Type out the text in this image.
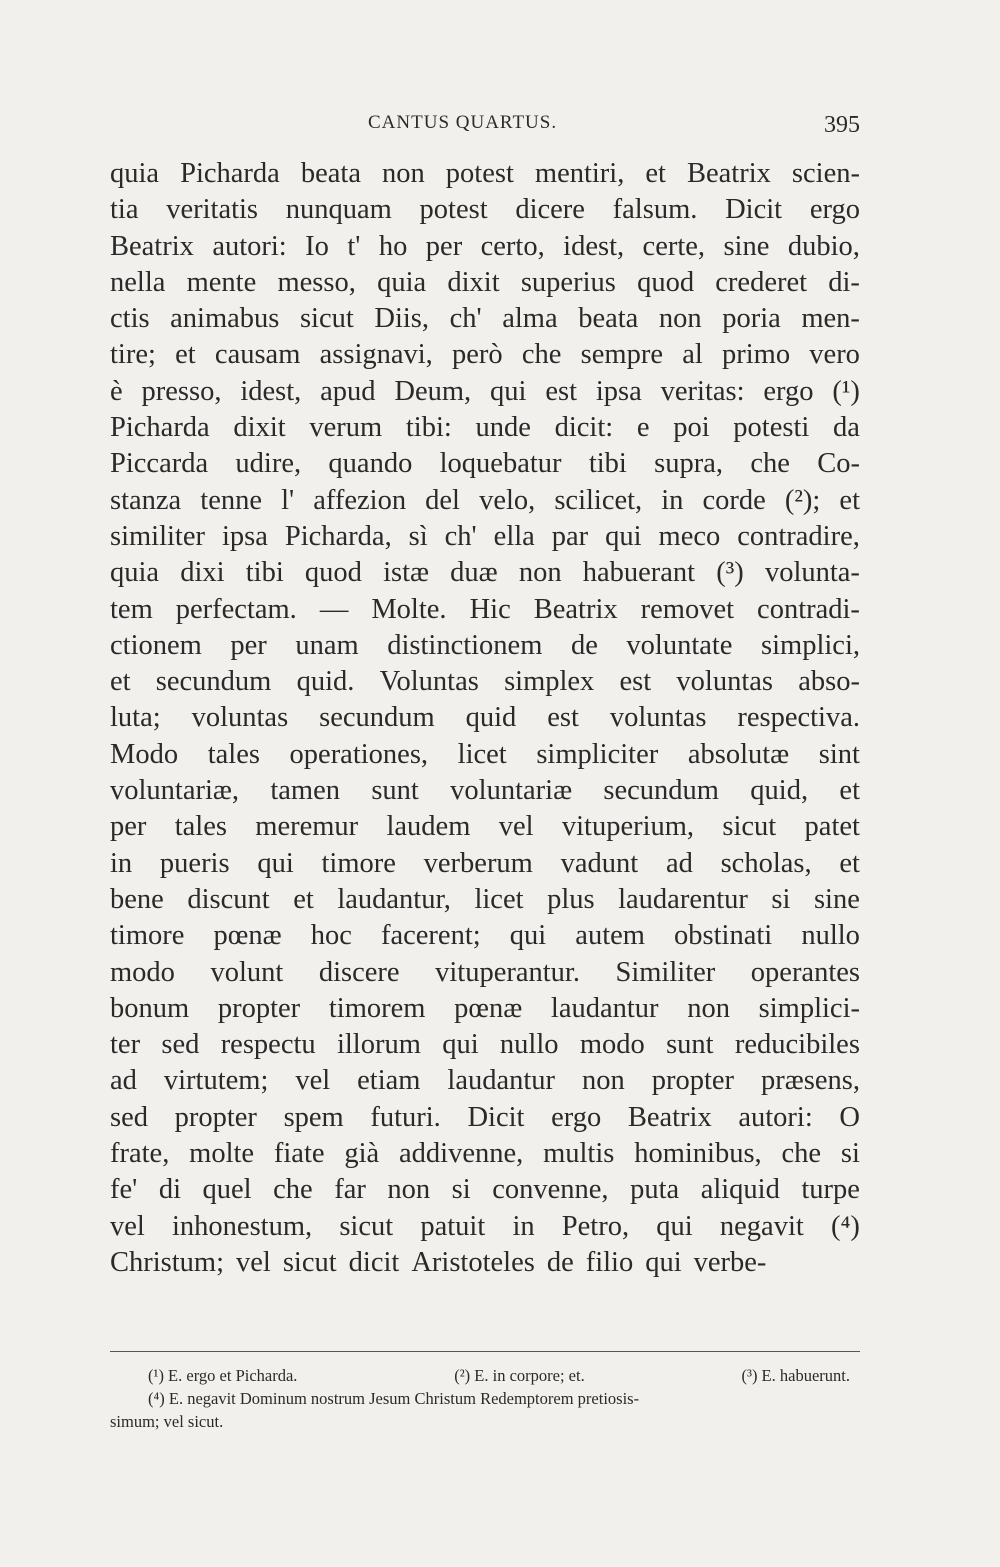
CANTUS QUARTUS.	395
quia Picharda beata non potest mentiri, et Beatrix scien-
tia veritatis nunquam potest dicere falsum. Dicit ergo
Beatrix autori: Io t' ho per certo, idest, certe, sine dubio,
nella mente messo, quia dixit superius quod crederet di-
ctis animabus sicut Diis, ch' alma beata non poria men-
tire; et causam assignavi, però che sempre al primo vero
è presso, idest, apud Deum, qui est ipsa veritas: ergo (¹)
Picharda dixit verum tibi: unde dicit: e poi potesti da
Piccarda udire, quando loquebatur tibi supra, che Co-
stanza tenne l' affezion del velo, scilicet, in corde (²); et
similiter ipsa Picharda, sì ch' ella par qui meco contradire,
quia dixi tibi quod istæ duæ non habuerant (³) volunta-
tem perfectam. — Molte. Hic Beatrix removet contradi-
ctionem per unam distinctionem de voluntate simplici,
et secundum quid. Voluntas simplex est voluntas abso-
luta; voluntas secundum quid est voluntas respectiva.
Modo tales operationes, licet simpliciter absolutæ sint
voluntariæ, tamen sunt voluntariæ secundum quid, et
per tales meremur laudem vel vituperium, sicut patet
in pueris qui timore verberum vadunt ad scholas, et
bene discunt et laudantur, licet plus laudarentur si sine
timore pœnæ hoc facerent; qui autem obstinati nullo
modo volunt discere vituperantur. Similiter operantes
bonum propter timorem pœnæ laudantur non simplici-
ter sed respectu illorum qui nullo modo sunt reducibiles
ad virtutem; vel etiam laudantur non propter præsens,
sed propter spem futuri. Dicit ergo Beatrix autori: O
frate, molte fiate già addivenne, multis hominibus, che si
fe' di quel che far non si convenne, puta aliquid turpe
vel inhonestum, sicut patuit in Petro, qui negavit (⁴)
Christum; vel sicut dicit Aristoteles de filio qui verbe-
(¹) E. ergo et Picharda.	(²) E. in corpore; et.	(³) E. habuerunt.
(⁴) E. negavit Dominum nostrum Jesum Christum Redemptorem pretiosis-
simum; vel sicut.
